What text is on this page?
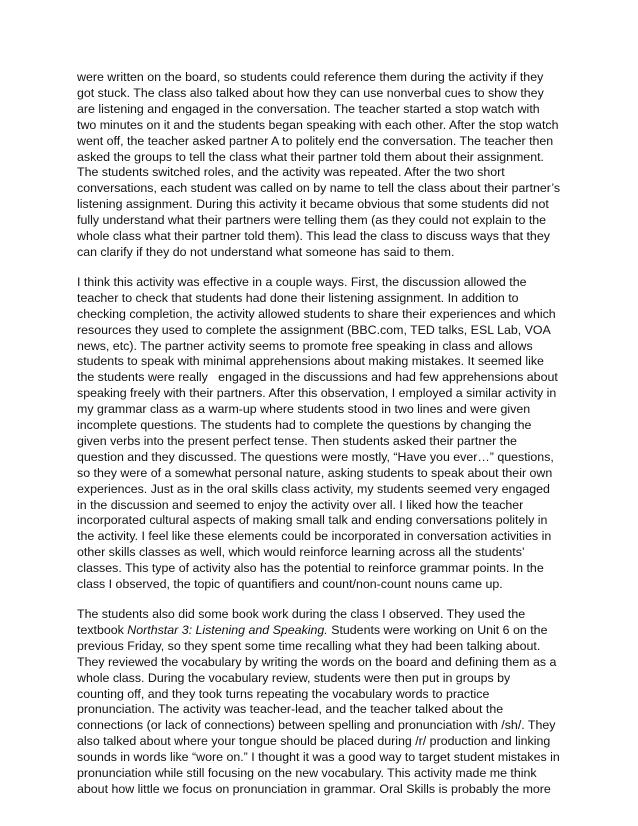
were written on the board, so students could reference them during the activity if they
got stuck. The class also talked about how they can use nonverbal cues to show they
are listening and engaged in the conversation. The teacher started a stop watch with
two minutes on it and the students began speaking with each other. After the stop watch
went off, the teacher asked partner A to politely end the conversation. The teacher then
asked the groups to tell the class what their partner told them about their assignment.
The students switched roles, and the activity was repeated. After the two short
conversations, each student was called on by name to tell the class about their partner’s
listening assignment. During this activity it became obvious that some students did not
fully understand what their partners were telling them (as they could not explain to the
whole class what their partner told them). This lead the class to discuss ways that they
can clarify if they do not understand what someone has said to them.

I think this activity was effective in a couple ways. First, the discussion allowed the
teacher to check that students had done their listening assignment. In addition to
checking completion, the activity allowed students to share their experiences and which
resources they used to complete the assignment (BBC.com, TED talks, ESL Lab, VOA
news, etc). The partner activity seems to promote free speaking in class and allows
students to speak with minimal apprehensions about making mistakes. It seemed like
the students were really   engaged in the discussions and had few apprehensions about
speaking freely with their partners. After this observation, I employed a similar activity in
my grammar class as a warm-up where students stood in two lines and were given
incomplete questions. The students had to complete the questions by changing the
given verbs into the present perfect tense. Then students asked their partner the
question and they discussed. The questions were mostly, “Have you ever…” questions,
so they were of a somewhat personal nature, asking students to speak about their own
experiences. Just as in the oral skills class activity, my students seemed very engaged
in the discussion and seemed to enjoy the activity over all. I liked how the teacher
incorporated cultural aspects of making small talk and ending conversations politely in
the activity. I feel like these elements could be incorporated in conversation activities in
other skills classes as well, which would reinforce learning across all the students’
classes. This type of activity also has the potential to reinforce grammar points. In the
class I observed, the topic of quantifiers and count/non-count nouns came up.

The students also did some book work during the class I observed. They used the
textbook Northstar 3: Listening and Speaking. Students were working on Unit 6 on the
previous Friday, so they spent some time recalling what they had been talking about.
They reviewed the vocabulary by writing the words on the board and defining them as a
whole class. During the vocabulary review, students were then put in groups by
counting off, and they took turns repeating the vocabulary words to practice
pronunciation. The activity was teacher-lead, and the teacher talked about the
connections (or lack of connections) between spelling and pronunciation with /sh/. They
also talked about where your tongue should be placed during /r/ production and linking
sounds in words like “wore on.” I thought it was a good way to target student mistakes in
pronunciation while still focusing on the new vocabulary. This activity made me think
about how little we focus on pronunciation in grammar. Oral Skills is probably the more
